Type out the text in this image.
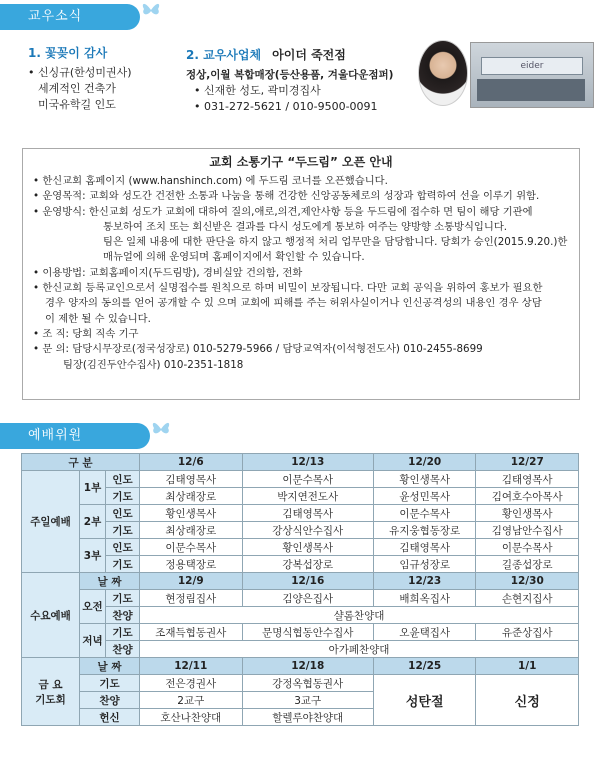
교우소식
1. 꽃꽂이 감사
• 신싱규(한성미권사)
세계적인 건축가
미국유학길 인도
2. 교우사업체 아이더 죽전점
정상,이월 복합매장(등산용품, 겨울다운점퍼)
• 신재한 성도, 곽미경집사
• 031-272-5621 / 010-9500-0091
eider
교회 소통기구 “두드림” 오픈 안내
• 한신교회 홈페이지 (www.hanshinch.com) 에 두드림 코너를 오픈했습니다.
• 운영목적: 교회와 성도간 건전한 소통과 나눔을 통해 건강한 신앙공동체로의 성장과 합력하여 선을 이루기 위함.
• 운영방식: 한신교회 성도가 교회에 대하여 질의,애로,의견,제안사항 등을 두드림에 접수하 면 팀이 해당 기관에
통보하여 조치 또는 회신받은 결과를 다시 성도에게 통보하 여주는 양방향 소통방식입니다.
팀은 일체 내용에 대한 판단을 하지 않고 행정적 처리 업무만을 담당합니다. 당회가 승인(2015.9.20.)한
매뉴얼에 의해 운영되며 홈페이지에서 확인할 수 있습니다.
• 이용방법: 교회홈페이지(두드림방), 경비실앞 건의함, 전화
• 한신교회 등록교인으로서 실명접수를 원칙으로 하며 비밀이 보장됩니다. 다만 교회 공익을 위하여 홍보가 필요한
경우 양자의 동의를 얻어 공개할 수 있 으며 교회에 피해를 주는 허위사실이거나 인신공격성의 내용인 경우 상담
이 제한 될 수 있습니다.
• 조 직: 당회 직속 기구
• 문 의: 담당시무장로(정국성장로) 010-5279-5966 / 담당교역자(이석형전도사) 010-2455-8699
팀장(김진두안수집사) 010-2351-1818
예배위원
구 분			12/6	12/13	12/20	12/27
주일예배	1부	인도	김태영목사	이문수목사	황인생목사	김태영목사
		기도	최상래장로	박지연전도사	윤성민목사	김여호수아목사
	2부	인도	황인생목사	김태영목사	이문수목사	황인생목사
		기도	최상래장로	강상식안수집사	유지웅협동장로	김영남안수집사
	3부	인도	이문수목사	황인생목사	김태영목사	이문수목사
		기도	정용택장로	강복섭장로	임규성장로	길종섭장로
수요예배	날 짜		12/9	12/16	12/23	12/30
	오전	기도	현정림집사	김양은집사	배희옥집사	손현지집사
		찬양	샬롬찬양대			
	저녁	기도	조재득협동권사	문명식협동안수집사	오윤택집사	유준상집사
		찬양	아가페찬양대			

금 요
기도회	날 짜		12/11	12/18	12/25	1/1
	기도		전은경권사	강정옥협동권사	성탄절	신정
	찬양		2교구	3교구		
	헌신		호산나찬양대	할렐루야찬양대		
